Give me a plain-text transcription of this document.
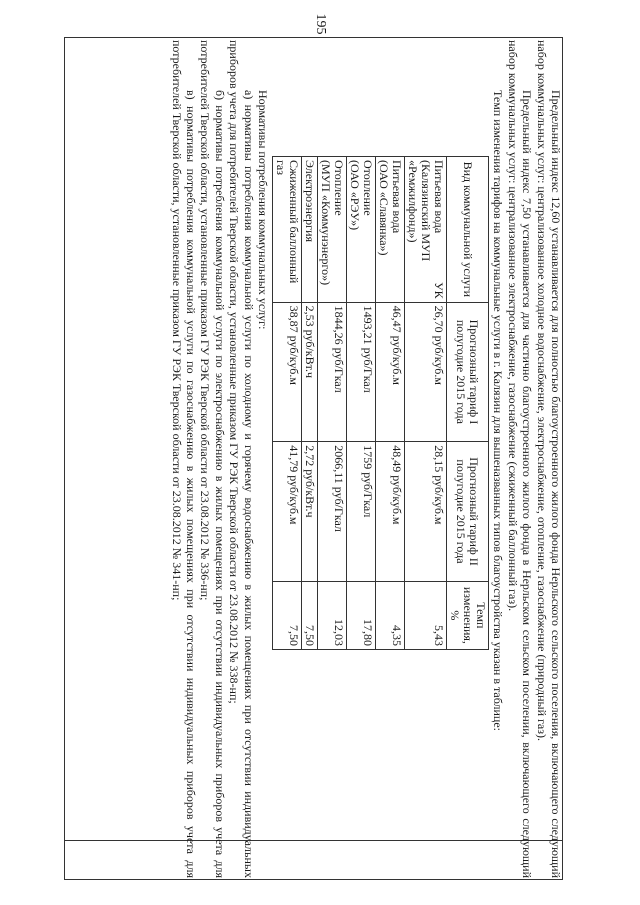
195

Предельный индекс 12,60 устанавливается для полностью благоустроенного жилого фонда Нерльского сельского поселения, включающего следующий набор коммунальных услуг: централизованное холодное водоснабжение, электроснабжение, отопление, газоснабжение (природный газ).

Предельный индекс 7,50 устанавливается для частично благоустроенного жилого фонда в Нерльском сельском поселении, включающего следующий набор коммунальных услуг: централизованное электроснабжение, газоснабжение (сжиженный баллонный газ).

Темп изменения тарифов на коммунальные услуги в г. Калязин для вышеназванных типов благоустройства указан в таблице:

Вид коммунальной услуги	Прогнозный тариф I полугодие 2015 года	Прогнозный тариф II полугодие 2015 года	Темп изменения, %

Питьевая вода (Калязинский МУП
УК
«Ремжилфонд»)	26,70 руб/куб.м	28,15 руб/куб.м	5,43

Питьевая вода
(ОАО «Славянка»)	46,47 руб/куб.м	48,49 руб/куб.м	4,35

Отопление
(ОАО «РЭУ»)	1493,21 руб/Гкал	1759 руб/Гкал	17,80

Отопление
(МУП «Коммунэнерго»)	1844,26 руб/Гкал	2066,11 руб/Гкал	12,03
Электроэнергия	2,53 руб/кВт.ч	2,72 руб/кВт.ч	7,50
Сжиженный баллонный газ	38,87 руб/куб.м	41,79 руб/куб.м	7,50

Нормативы потребления коммунальных услуг:

а) нормативы потребления коммунальной услуги по холодному и горячему водоснабжению в жилых помещениях при отсутствии индивидуальных приборов учета для потребителей Тверской области, установленные приказом ГУ РЭК Тверской области от 23.08.2012 № 338-нп;

б) нормативы потребления коммунальной услуги по электроснабжению в жилых помещениях при отсутствии индивидуальных приборов учета для потребителей Тверской области, установленные приказом ГУ РЭК Тверской области от 23.08.2012 № 336-нп;

в) нормативы потребления коммунальной услуги по газоснабжению в жилых помещениях при отсутствии индивидуальных приборов учета для потребителей Тверской области, установленные приказом ГУ РЭК Тверской области от 23.08.2012 № 341-нп;
